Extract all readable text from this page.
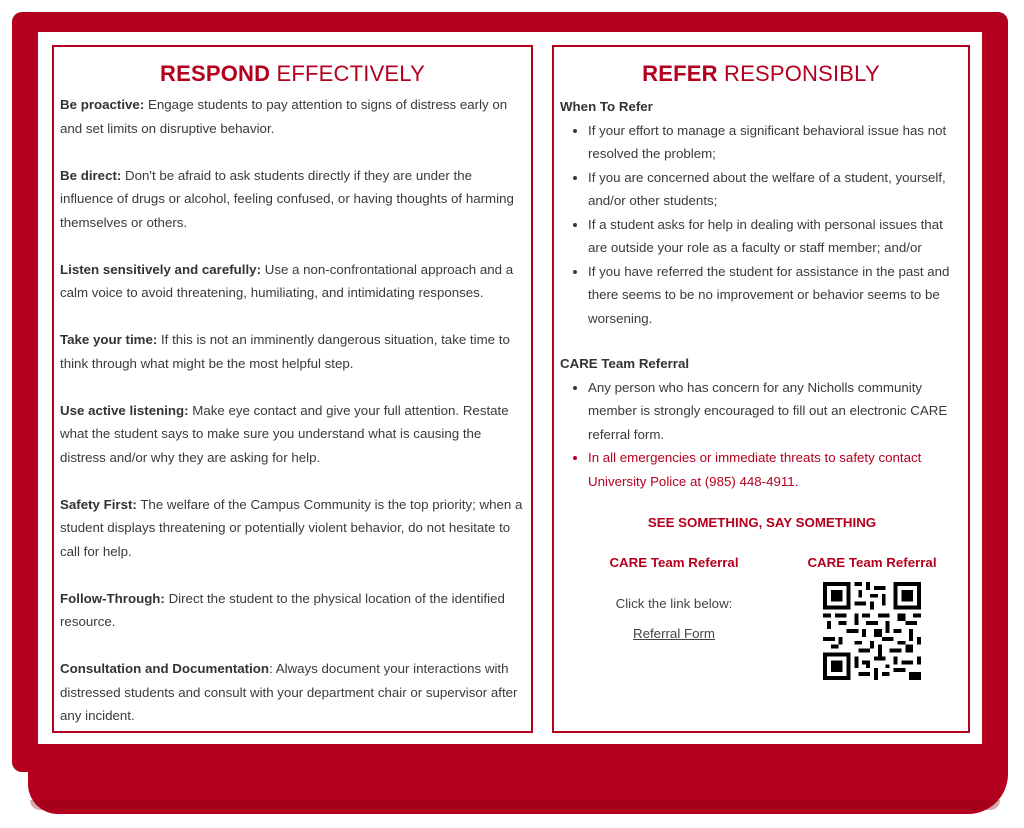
RESPOND EFFECTIVELY

Be proactive: Engage students to pay attention to signs of distress early on and set limits on disruptive behavior.

Be direct: Don't be afraid to ask students directly if they are under the influence of drugs or alcohol, feeling confused, or having thoughts of harming themselves or others.

Listen sensitively and carefully: Use a non-confrontational approach and a calm voice to avoid threatening, humiliating, and intimidating responses.

Take your time: If this is not an imminently dangerous situation, take time to think through what might be the most helpful step.

Use active listening: Make eye contact and give your full attention. Restate what the student says to make sure you understand what is causing the distress and/or why they are asking for help.

Safety First: The welfare of the Campus Community is the top priority; when a student displays threatening or potentially violent behavior, do not hesitate to call for help.

Follow-Through: Direct the student to the physical location of the identified resource.

Consultation and Documentation: Always document your interactions with distressed students and consult with your department chair or supervisor after any incident.

REFER RESPONSIBLY
When To Refer
• If your effort to manage a significant behavioral issue has not resolved the problem;
• If you are concerned about the welfare of a student, yourself, and/or other students;
• If a student asks for help in dealing with personal issues that are outside your role as a faculty or staff member; and/or
• If you have referred the student for assistance in the past and there seems to be no improvement or behavior seems to be worsening.
CARE Team Referral
• Any person who has concern for any Nicholls community member is strongly encouraged to fill out an electronic CARE referral form.
• In all emergencies or immediate threats to safety contact University Police at (985) 448-4911.
SEE SOMETHING, SAY SOMETHING
CARE Team Referral
Click the link below:
Referral Form
CARE Team Referral
